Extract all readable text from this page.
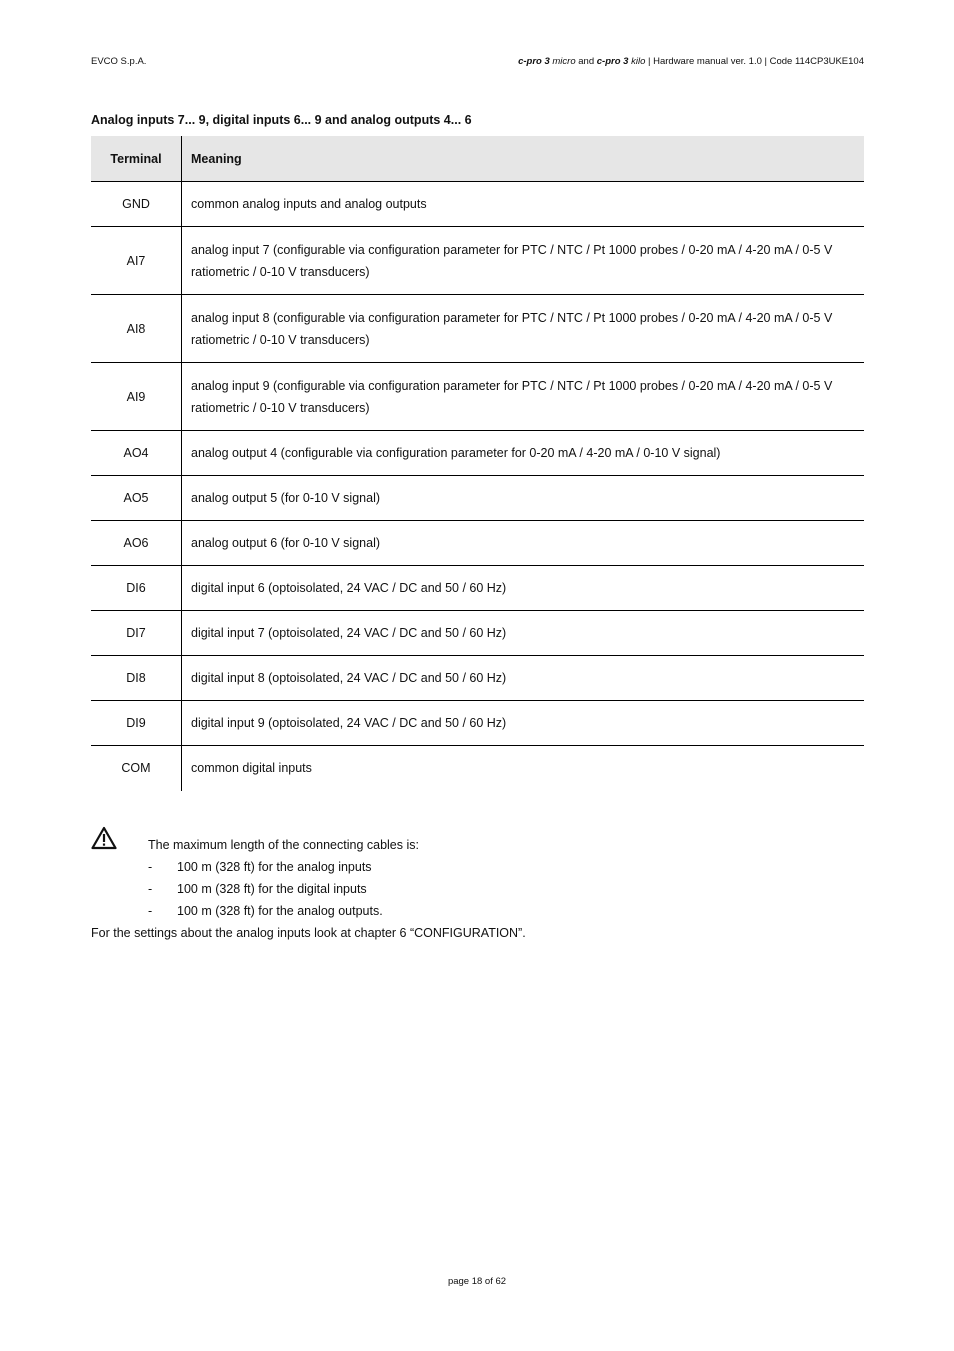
EVCO S.p.A.	c-pro 3 micro and c-pro 3 kilo | Hardware manual ver. 1.0 | Code 114CP3UKE104
Analog inputs 7... 9, digital inputs 6... 9 and analog outputs 4... 6
Terminal	Meaning
GND	common analog inputs and analog outputs
AI7	analog input 7 (configurable via configuration parameter for PTC / NTC / Pt 1000 probes / 0-20 mA / 4-20 mA / 0-5 V ratiometric / 0-10 V transducers)
AI8	analog input 8 (configurable via configuration parameter for PTC / NTC / Pt 1000 probes / 0-20 mA / 4-20 mA / 0-5 V ratiometric / 0-10 V transducers)
AI9	analog input 9 (configurable via configuration parameter for PTC / NTC / Pt 1000 probes / 0-20 mA / 4-20 mA / 0-5 V ratiometric / 0-10 V transducers)
AO4	analog output 4 (configurable via configuration parameter for 0-20 mA / 4-20 mA / 0-10 V signal)
AO5	analog output 5 (for 0-10 V signal)
AO6	analog output 6 (for 0-10 V signal)
DI6	digital input 6 (optoisolated, 24 VAC / DC and 50 / 60 Hz)
DI7	digital input 7 (optoisolated, 24 VAC / DC and 50 / 60 Hz)
DI8	digital input 8 (optoisolated, 24 VAC / DC and 50 / 60 Hz)
DI9	digital input 9 (optoisolated, 24 VAC / DC and 50 / 60 Hz)
COM	common digital inputs
The maximum length of the connecting cables is:
- 100 m (328 ft) for the analog inputs
- 100 m (328 ft) for the digital inputs
- 100 m (328 ft) for the analog outputs.
For the settings about the analog inputs look at chapter 6 “CONFIGURATION”.
page 18 of 62
